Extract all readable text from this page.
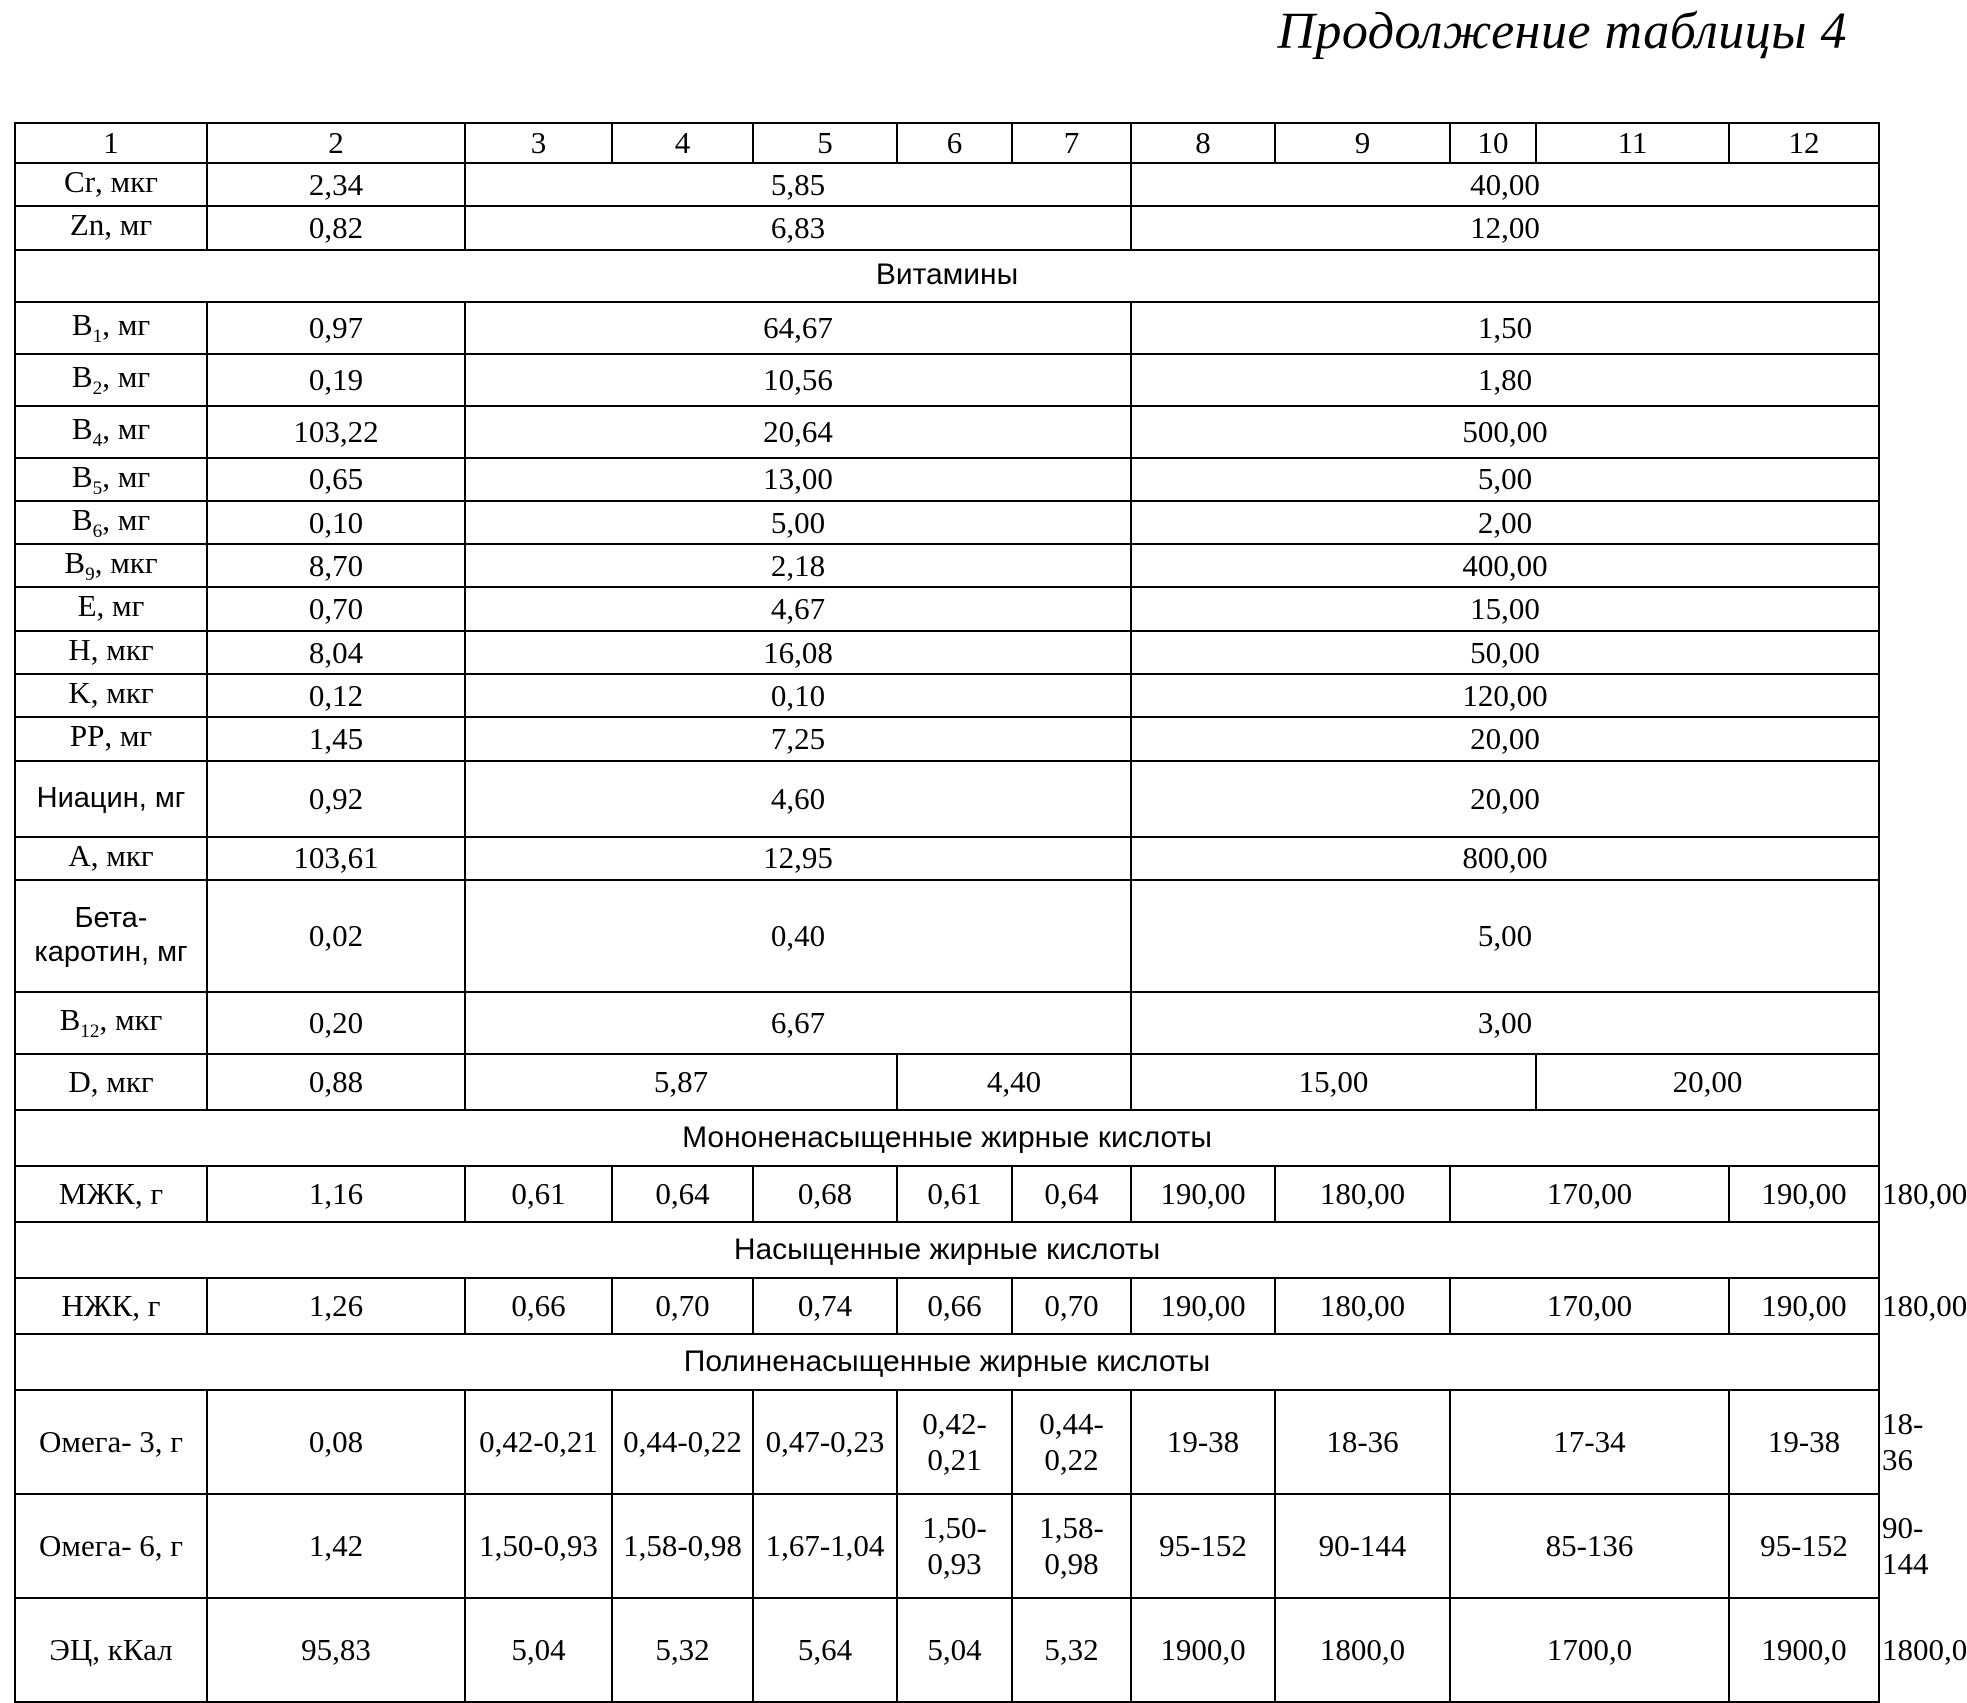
Продолжение таблицы 4
1	2	3	4	5	6	7	8	9	10	11	12
Cr, мкг	2,34	5,85	40,00
Zn, мг	0,82	6,83	12,00
Витамины
B1, мг	0,97	64,67	1,50
B2, мг	0,19	10,56	1,80
B4, мг	103,22	20,64	500,00
B5, мг	0,65	13,00	5,00
B6, мг	0,10	5,00	2,00
B9, мкг	8,70	2,18	400,00
E, мг	0,70	4,67	15,00
H, мкг	8,04	16,08	50,00
K, мкг	0,12	0,10	120,00
PP, мг	1,45	7,25	20,00
Ниацин, мг	0,92	4,60	20,00
A, мкг	103,61	12,95	800,00
Бета-каротин, мг	0,02	0,40	5,00
B12, мкг	0,20	6,67	3,00
D, мкг	0,88	5,87	4,40	15,00	20,00
Мононенасыщенные жирные кислоты
МЖК, г	1,16	0,61	0,64	0,68	0,61	0,64	190,00	180,00	170,00	190,00	180,00
Насыщенные жирные кислоты
НЖК, г	1,26	0,66	0,70	0,74	0,66	0,70	190,00	180,00	170,00	190,00	180,00
Полиненасыщенные жирные кислоты
Омега- 3, г	0,08	0,42-0,21	0,44-0,22	0,47-0,23	0,42-0,21	0,44-0,22	19-38	18-36	17-34	19-38	18-36
Омега- 6, г	1,42	1,50-0,93	1,58-0,98	1,67-1,04	1,50-0,93	1,58-0,98	95-152	90-144	85-136	95-152	90-144
ЭЦ, кКал	95,83	5,04	5,32	5,64	5,04	5,32	1900,0	1800,0	1700,0	1900,0	1800,0
